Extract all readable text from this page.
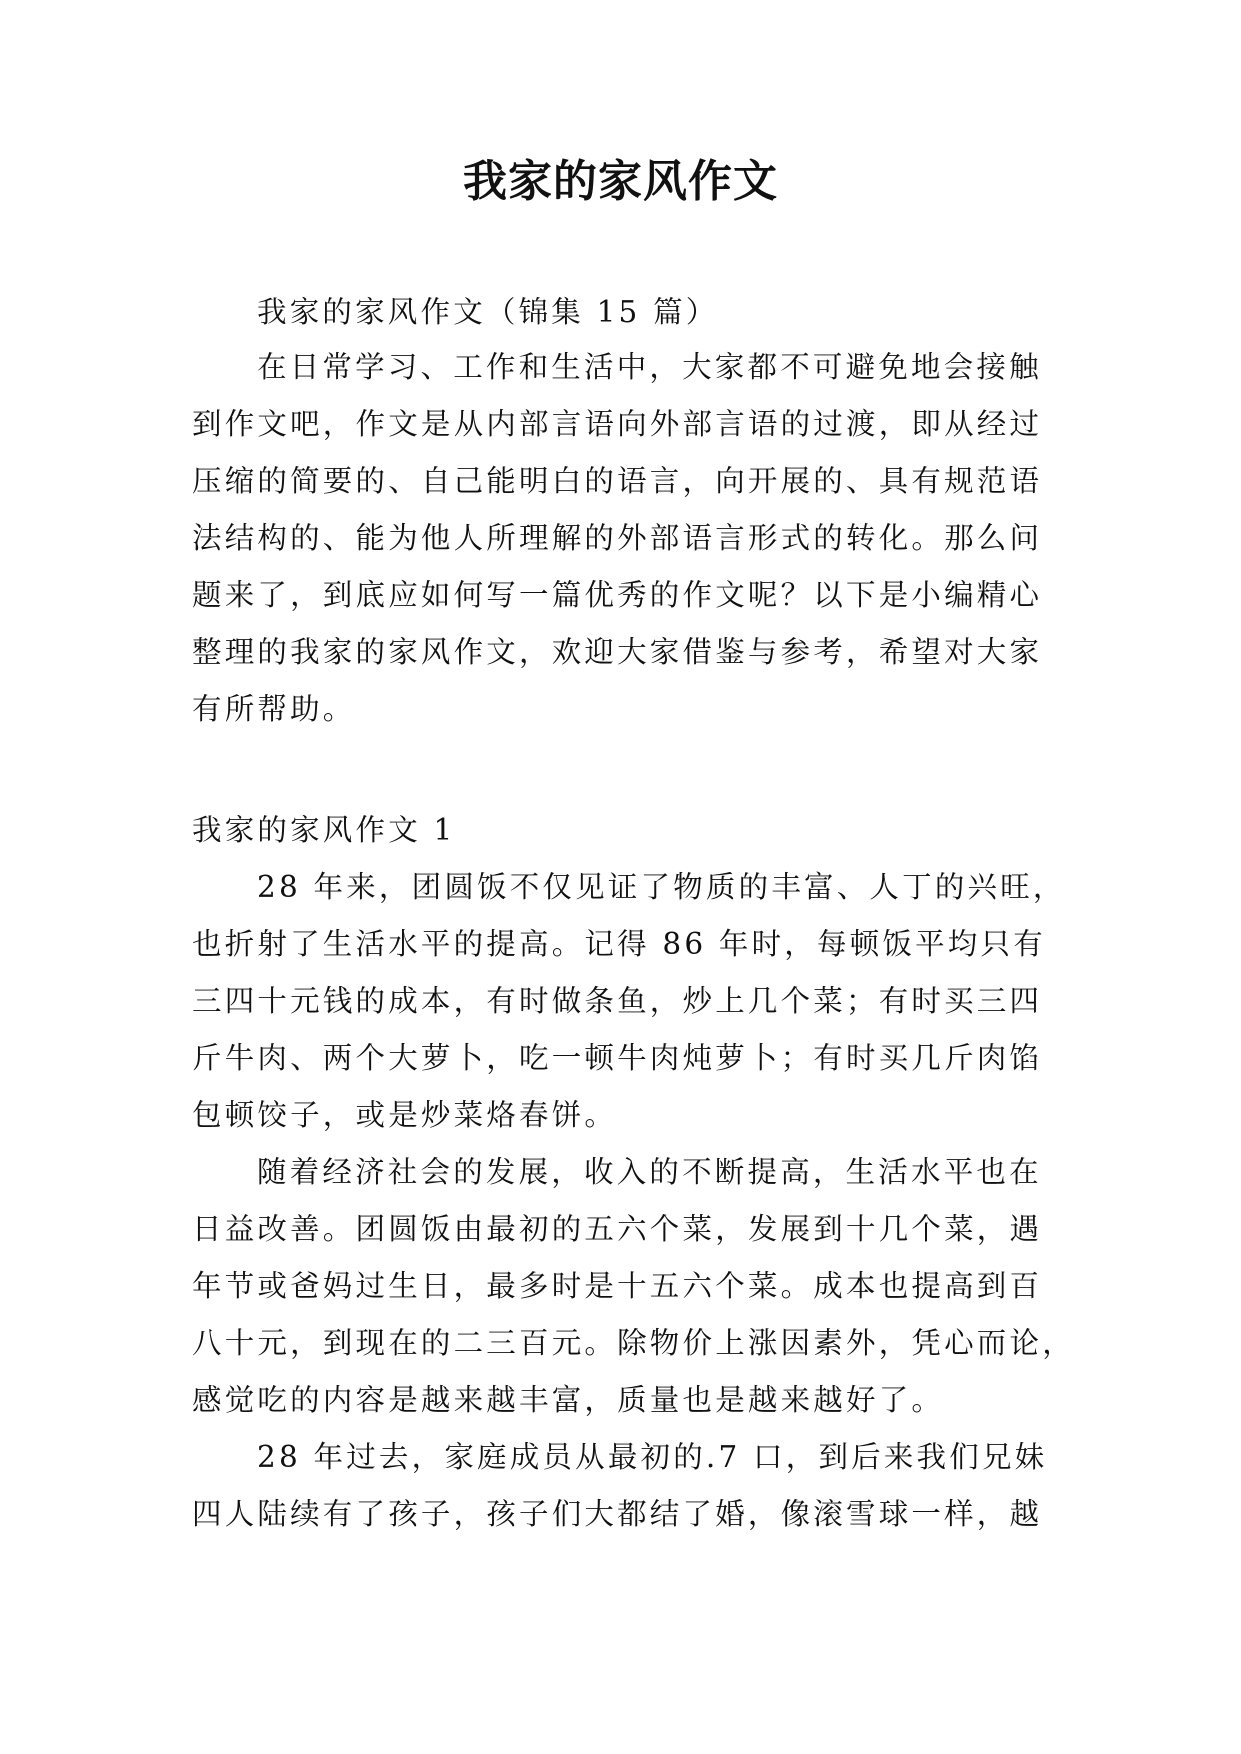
我家的家风作文
我家的家风作文（锦集 15 篇）
在日常学习、工作和生活中，大家都不可避免地会接触
到作文吧，作文是从内部言语向外部言语的过渡，即从经过
压缩的简要的、自己能明白的语言，向开展的、具有规范语
法结构的、能为他人所理解的外部语言形式的转化。那么问
题来了，到底应如何写一篇优秀的作文呢？以下是小编精心
整理的我家的家风作文，欢迎大家借鉴与参考，希望对大家
有所帮助。
我家的家风作文 1
28 年来，团圆饭不仅见证了物质的丰富、人丁的兴旺，
也折射了生活水平的提高。记得 86 年时，每顿饭平均只有
三四十元钱的成本，有时做条鱼，炒上几个菜；有时买三四
斤牛肉、两个大萝卜，吃一顿牛肉炖萝卜；有时买几斤肉馅
包顿饺子，或是炒菜烙春饼。
随着经济社会的发展，收入的不断提高，生活水平也在
日益改善。团圆饭由最初的五六个菜，发展到十几个菜，遇
年节或爸妈过生日，最多时是十五六个菜。成本也提高到百
八十元，到现在的二三百元。除物价上涨因素外，凭心而论，
感觉吃的内容是越来越丰富，质量也是越来越好了。
28 年过去，家庭成员从最初的.7 口，到后来我们兄妹
四人陆续有了孩子，孩子们大都结了婚，像滚雪球一样，越
